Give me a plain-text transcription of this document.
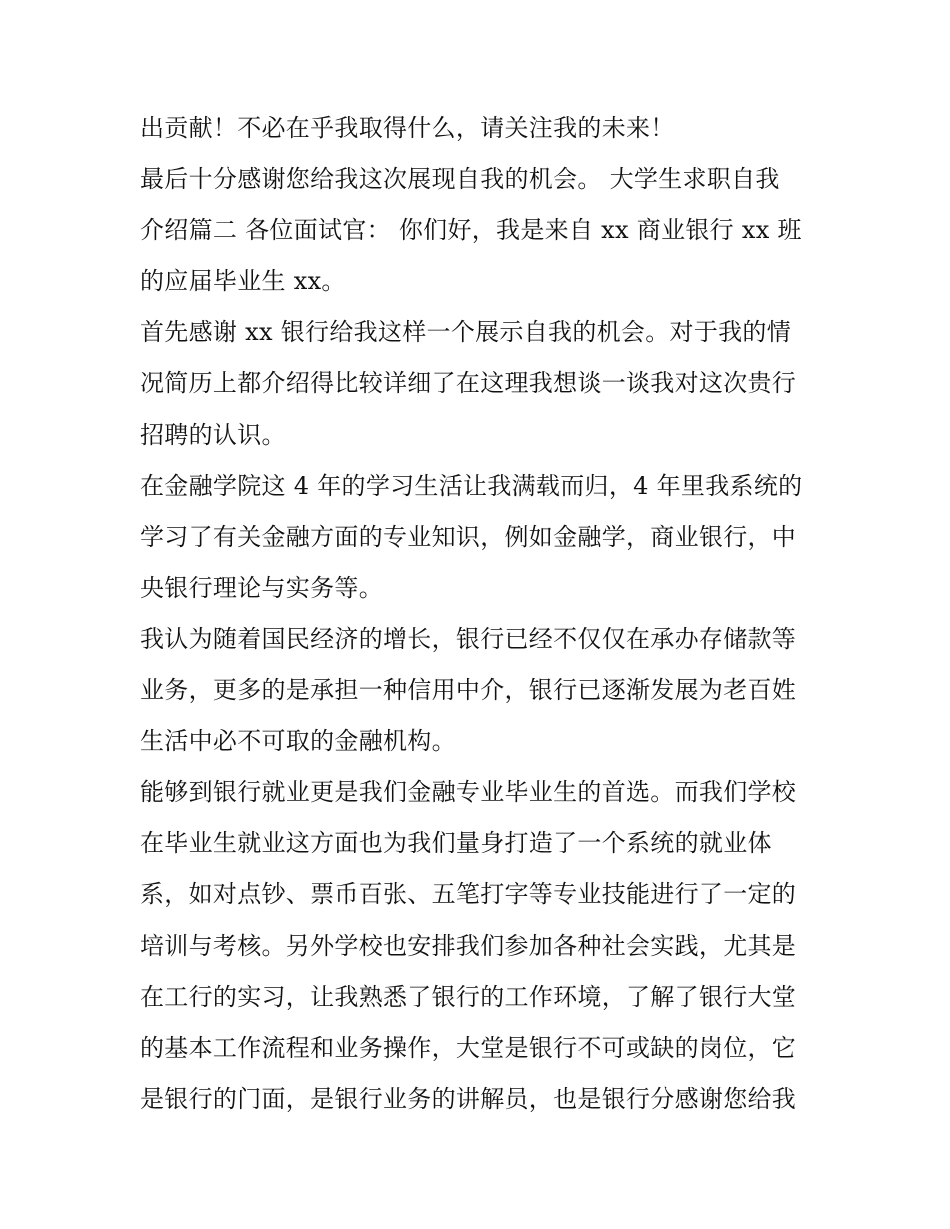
出贡献！不必在乎我取得什么，请关注我的未来！
最后十分感谢您给我这次展现自我的机会。 大学生求职自我
介绍篇二 各位面试官： 你们好，我是来自 xx 商业银行 xx 班
的应届毕业生 xx。
首先感谢 xx 银行给我这样一个展示自我的机会。对于我的情
况简历上都介绍得比较详细了在这理我想谈一谈我对这次贵行
招聘的认识。
在金融学院这 4 年的学习生活让我满载而归，4 年里我系统的
学习了有关金融方面的专业知识，例如金融学，商业银行，中
央银行理论与实务等。
我认为随着国民经济的增长，银行已经不仅仅在承办存储款等
业务，更多的是承担一种信用中介，银行已逐渐发展为老百姓
生活中必不可取的金融机构。
能够到银行就业更是我们金融专业毕业生的首选。而我们学校
在毕业生就业这方面也为我们量身打造了一个系统的就业体
系，如对点钞、票币百张、五笔打字等专业技能进行了一定的
培训与考核。另外学校也安排我们参加各种社会实践，尤其是
在工行的实习，让我熟悉了银行的工作环境，了解了银行大堂
的基本工作流程和业务操作，大堂是银行不可或缺的岗位，它
是银行的门面，是银行业务的讲解员，也是银行分感谢您给我
